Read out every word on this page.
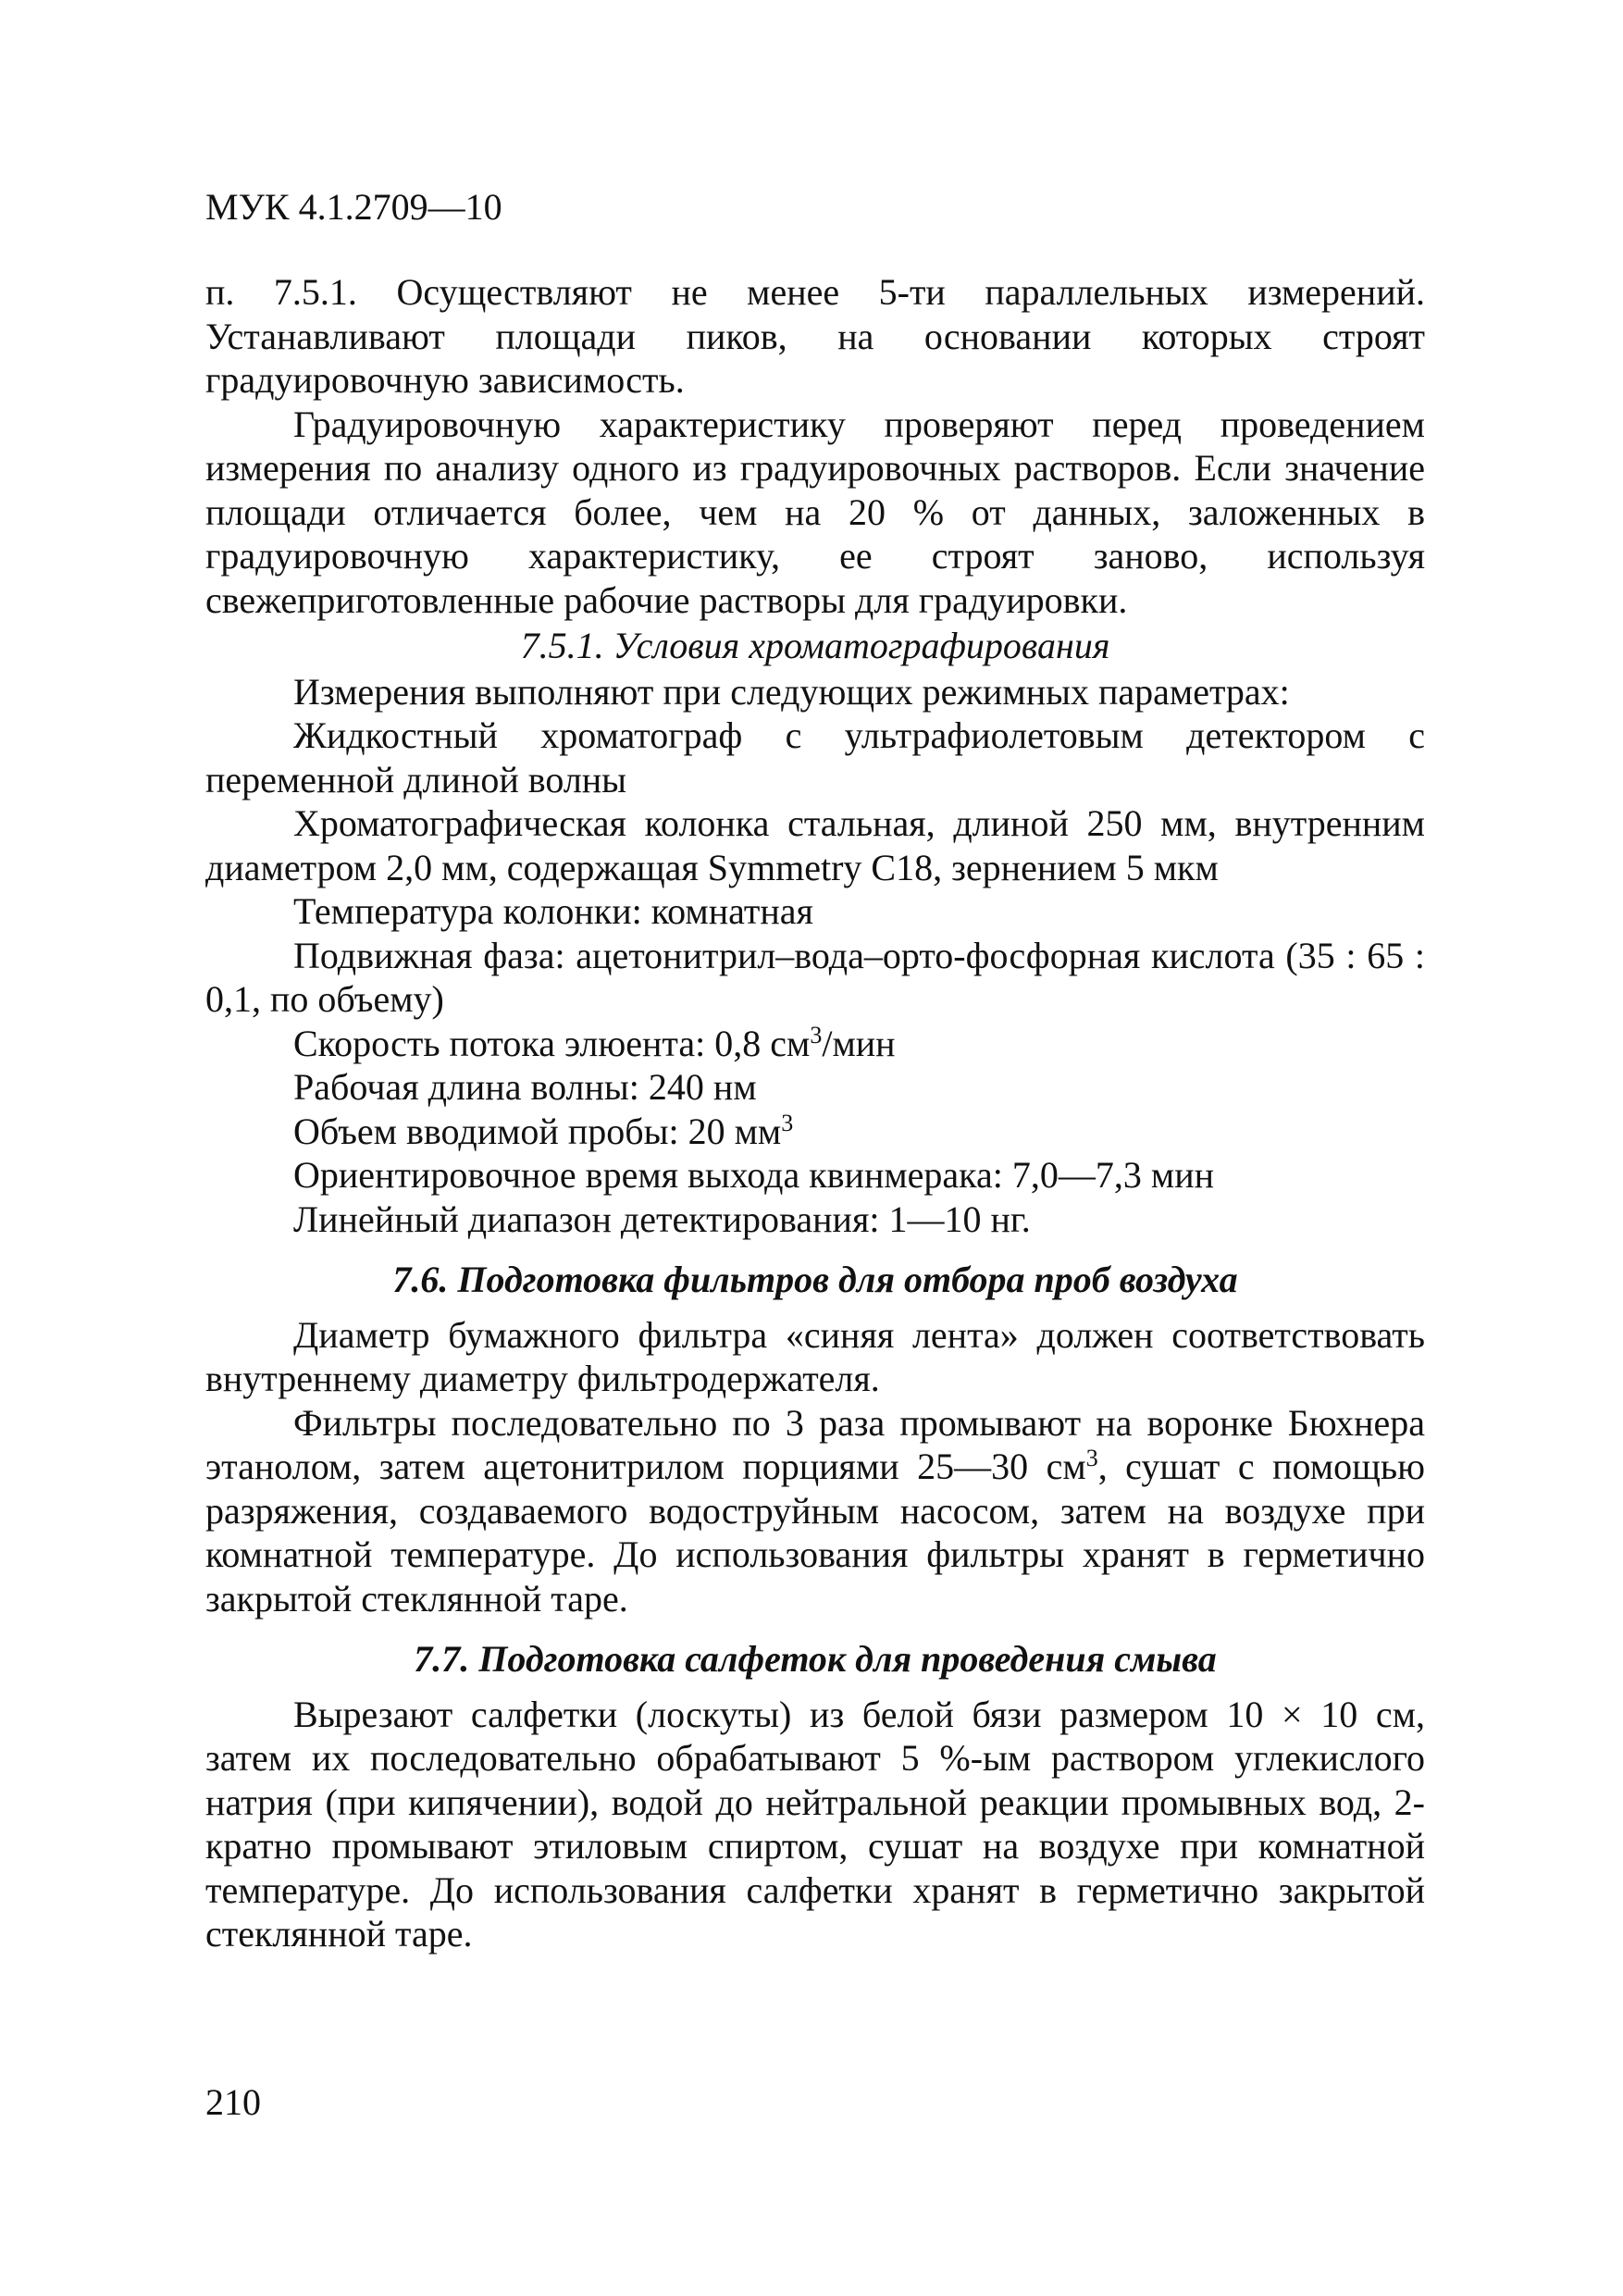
МУК 4.1.2709—10

п. 7.5.1. Осуществляют не менее 5-ти параллельных измерений. Устанавливают площади пиков, на основании которых строят градуировочную зависимость.

Градуировочную характеристику проверяют перед проведением измерения по анализу одного из градуировочных растворов. Если значение площади отличается более, чем на 20 % от данных, заложенных в градуировочную характеристику, ее строят заново, используя свежеприготовленные рабочие растворы для градуировки.

7.5.1. Условия хроматографирования

Измерения выполняют при следующих режимных параметрах:

Жидкостный хроматограф с ультрафиолетовым детектором с переменной длиной волны

Хроматографическая колонка стальная, длиной 250 мм, внутренним диаметром 2,0 мм, содержащая Symmetry C18, зернением 5 мкм

Температура колонки: комнатная

Подвижная фаза: ацетонитрил–вода–орто-фосфорная кислота (35 : 65 : 0,1, по объему)

Скорость потока элюента: 0,8 $см^3$/мин

Рабочая длина волны: 240 нм

Объем вводимой пробы: 20 $мм^3$

Ориентировочное время выхода квинмерака: 7,0—7,3 мин

Линейный диапазон детектирования: 1—10 нг.

7.6. Подготовка фильтров для отбора проб воздуха

Диаметр бумажного фильтра «синяя лента» должен соответствовать внутреннему диаметру фильтродержателя.

Фильтры последовательно по 3 раза промывают на воронке Бюхнера этанолом, затем ацетонитрилом порциями 25—30 $см^3$, сушат с помощью разряжения, создаваемого водоструйным насосом, затем на воздухе при комнатной температуре. До использования фильтры хранят в герметично закрытой стеклянной таре.

7.7. Подготовка салфеток для проведения смыва

Вырезают салфетки (лоскуты) из белой бязи размером 10 × 10 см, затем их последовательно обрабатывают 5 %-ым раствором углекислого натрия (при кипячении), водой до нейтральной реакции промывных вод, 2-кратно промывают этиловым спиртом, сушат на воздухе при комнатной температуре. До использования салфетки хранят в герметично закрытой стеклянной таре.

210
